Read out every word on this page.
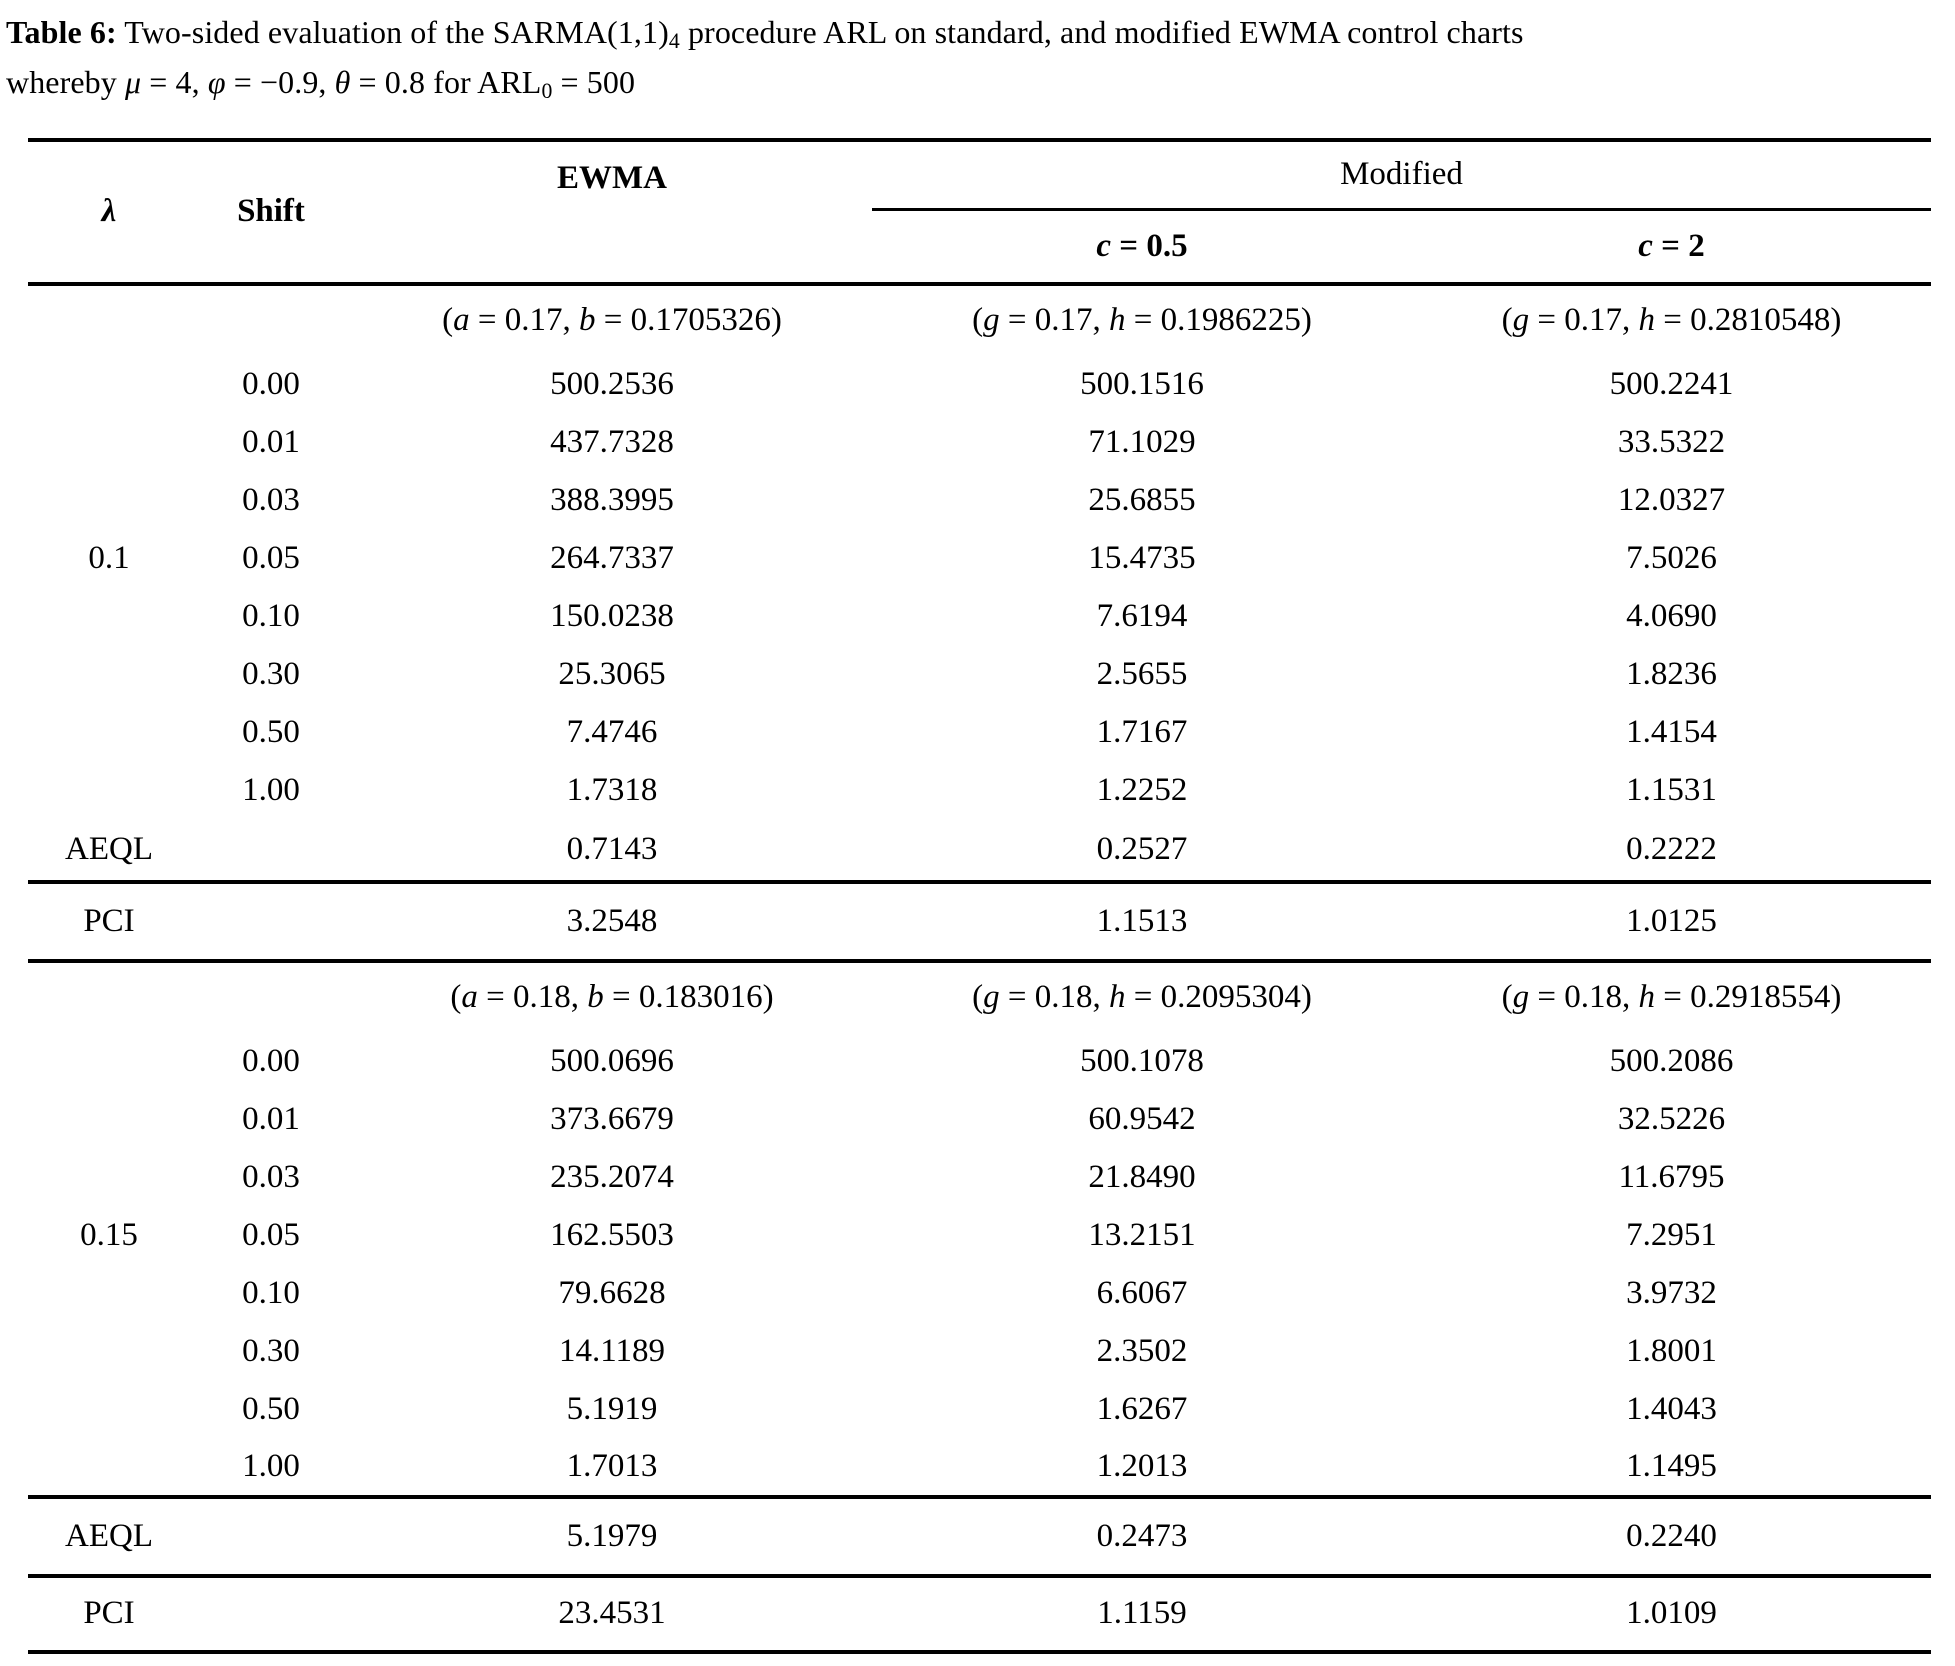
Table 6: Two-sided evaluation of the SARMA(1,1)4 procedure ARL on standard, and modified EWMA control charts
whereby μ = 4, φ = −0.9, θ = 0.8 for ARL0 = 500
λ	Shift	EWMA	Modified	
			c = 0.5	c = 2
		(a = 0.17, b = 0.1705326)	(g = 0.17, h = 0.1986225)	(g = 0.17, h = 0.2810548)
	0.00	500.2536	500.1516	500.2241
	0.01	437.7328	71.1029	33.5322
	0.03	388.3995	25.6855	12.0327
0.1	0.05	264.7337	15.4735	7.5026
	0.10	150.0238	7.6194	4.0690
	0.30	25.3065	2.5655	1.8236
	0.50	7.4746	1.7167	1.4154
	1.00	1.7318	1.2252	1.1531
AEQL		0.7143	0.2527	0.2222
PCI		3.2548	1.1513	1.0125
		(a = 0.18, b = 0.183016)	(g = 0.18, h = 0.2095304)	(g = 0.18, h = 0.2918554)
	0.00	500.0696	500.1078	500.2086
	0.01	373.6679	60.9542	32.5226
	0.03	235.2074	21.8490	11.6795
0.15	0.05	162.5503	13.2151	7.2951
	0.10	79.6628	6.6067	3.9732
	0.30	14.1189	2.3502	1.8001
	0.50	5.1919	1.6267	1.4043
	1.00	1.7013	1.2013	1.1495
AEQL		5.1979	0.2473	0.2240
PCI		23.4531	1.1159	1.0109
